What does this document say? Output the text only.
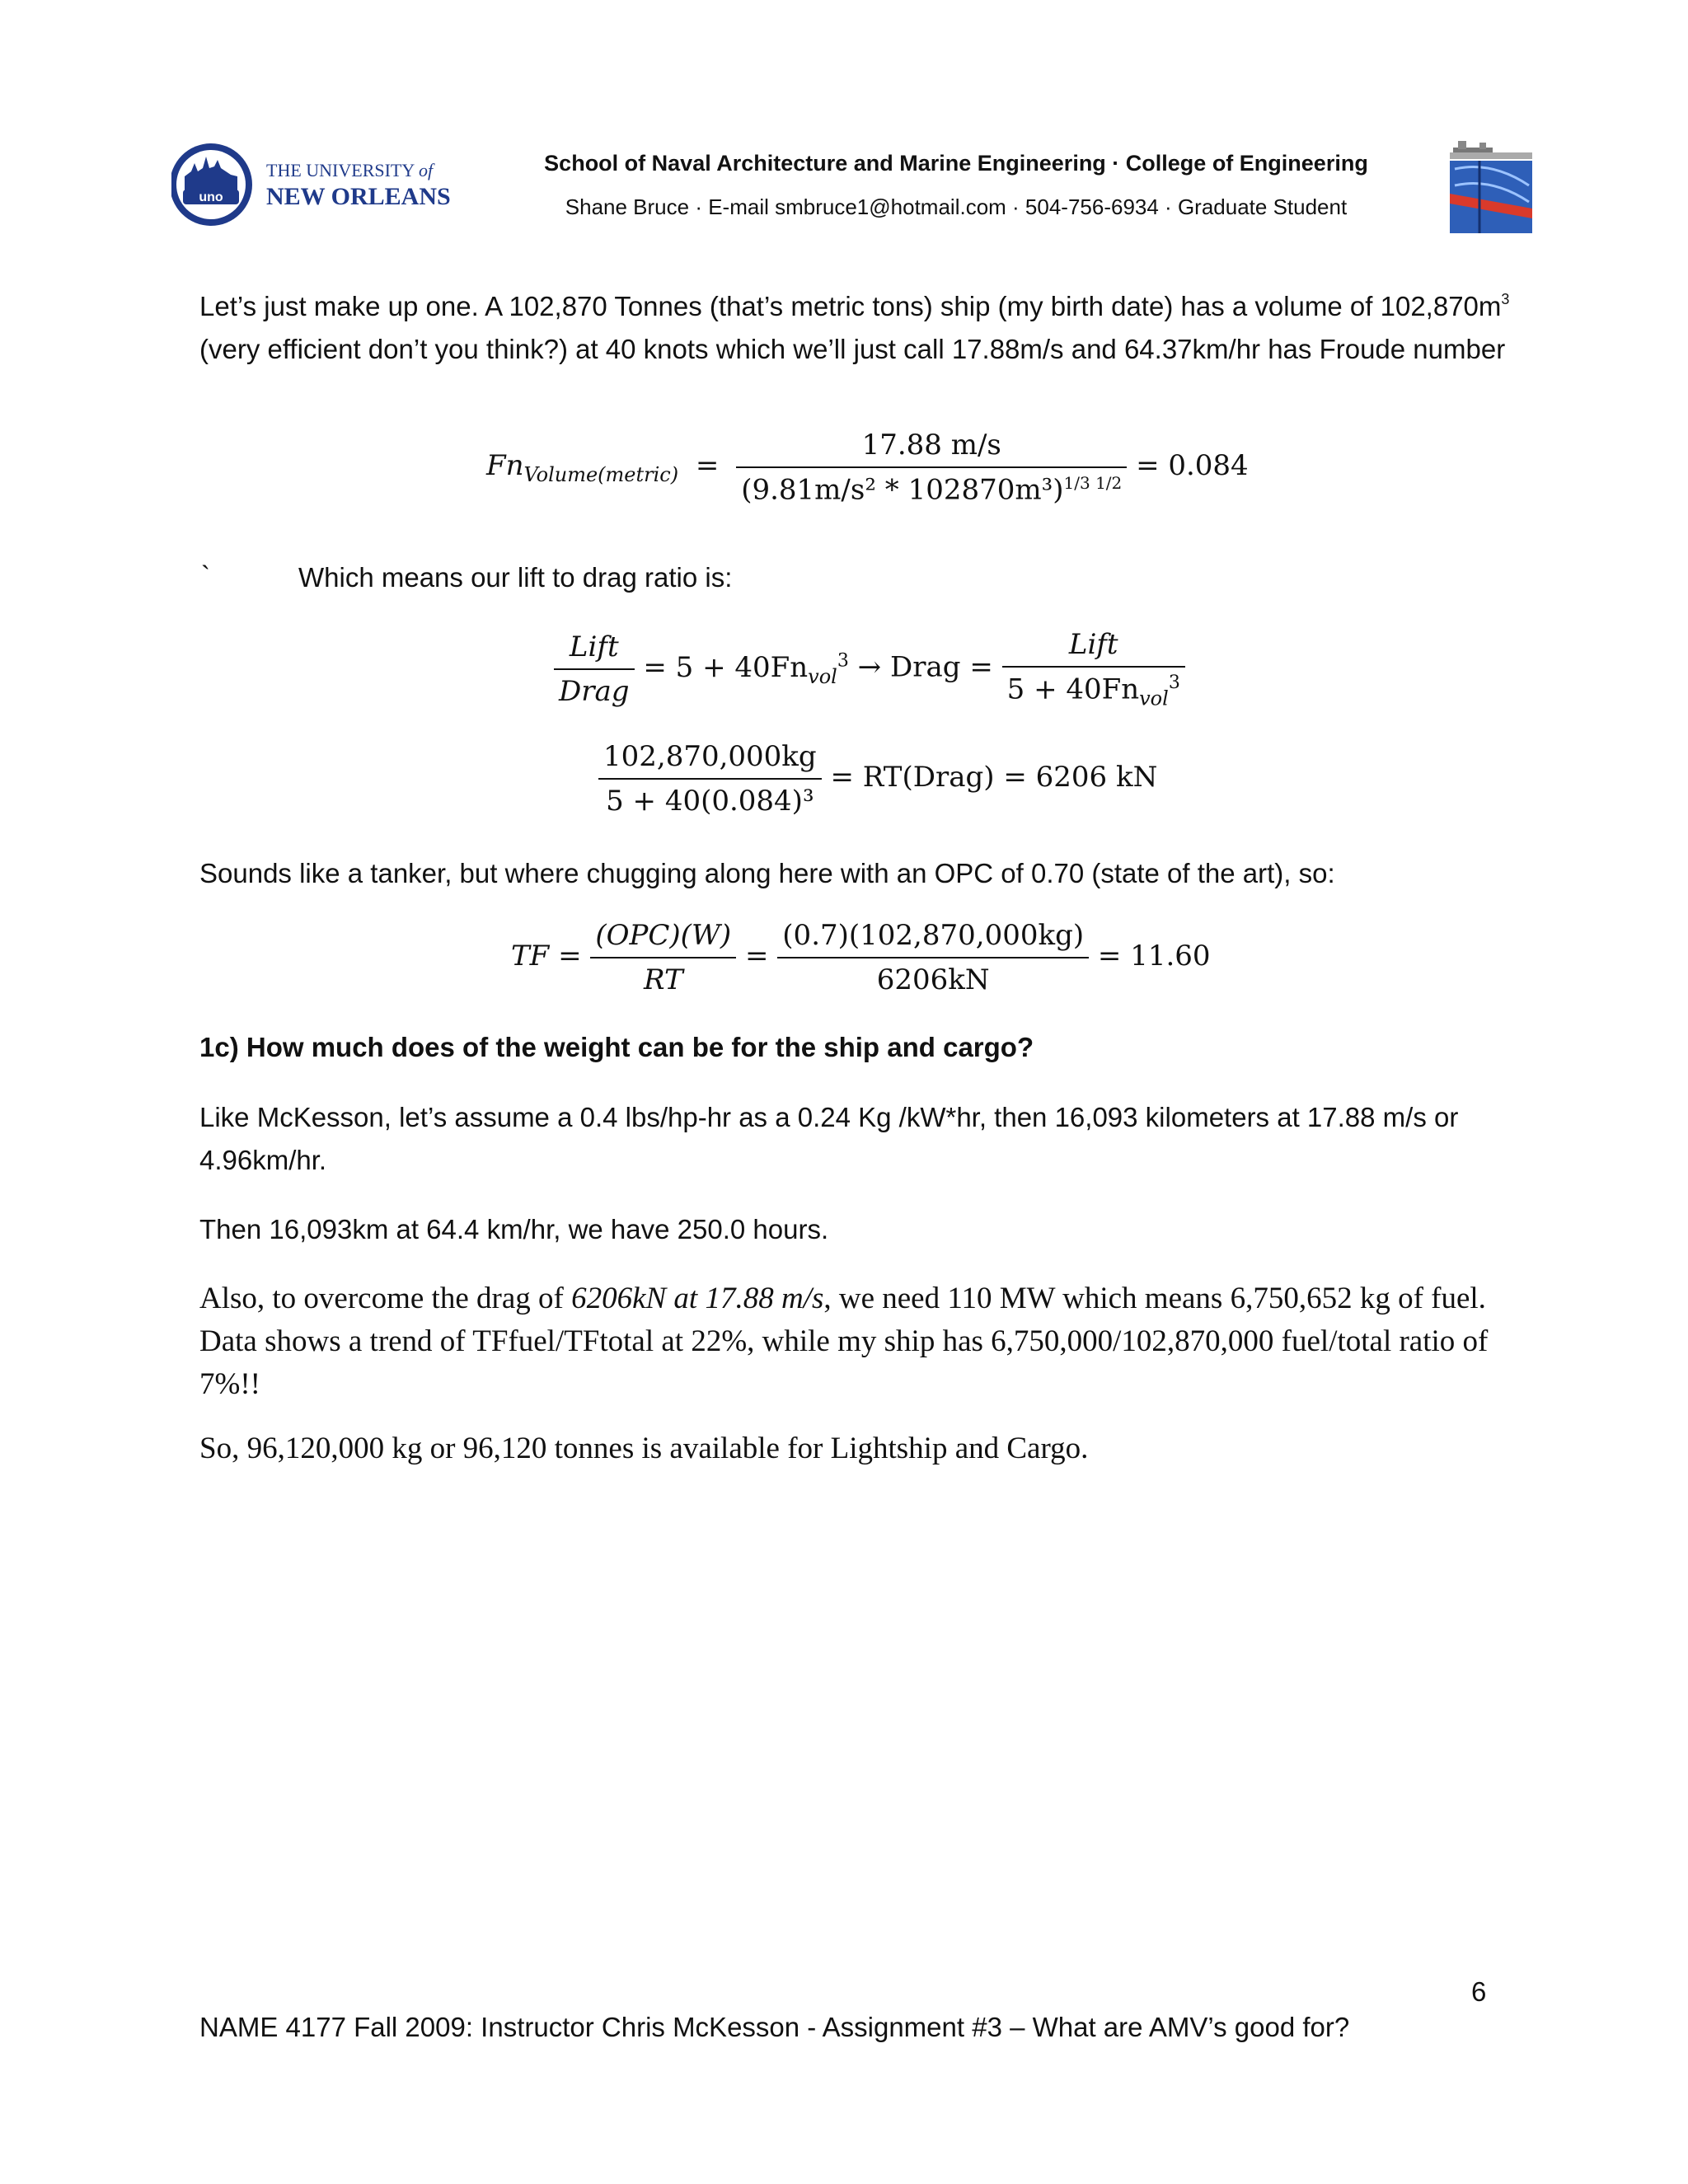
uno
THE UNIVERSITY of
NEW ORLEANS
School of Naval Architecture and Marine Engineering · College of Engineering
Shane Bruce · E-mail smbruce1@hotmail.com · 504-756-6934 · Graduate Student
Let’s just make up one. A 102,870 Tonnes (that’s metric tons) ship (my birth date) has a volume of $102,870m^3$ (very efficient don’t you think?) at 40 knots which we’ll just call 17.88m/s and 64.37km/hr has Froude number
$Fn_{Volume(metric)} = \frac{17.88 m/s}{(9.81m/s^2 * 102870m^3)^{1/3 1/2}} = 0.084$
`	Which means our lift to drag ratio is:
$\frac{\text{Lift}}{\text{Drag}} = 5 + 40Fn_{vol}^3$ → Drag = $\frac{\text{Lift}}{5 + 40Fn_{vol}^3}$
$\frac{102,870,000kg}{\text{5 + 40(0.084)³}}$ = RT(Drag) = 6206 kN
Sounds like a tanker, but where chugging along here with an OPC of 0.70 (state of the art), so:
TF = $\frac{\text{(OPC)(W)}}{RT} = \frac{(0.7)(102,870,000kg)}{6206kN} = 11.60$
1c) How much does of the weight can be for the ship and cargo?
Like McKesson, let’s assume a 0.4 lbs/hp-hr as a 0.24 Kg /kW*hr, then 16,093 kilometers at 17.88 m/s or 4.96km/hr.
Then 16,093km at 64.4 km/hr, we have 250.0 hours.
Also, to overcome the drag of 6206kN at 17.88 m/s, we need 110 MW which means 6,750,652 kg of fuel. Data shows a trend of TFfuel/TFtotal at 22%, while my ship has 6,750,000/102,870,000 fuel/total ratio of 7%!!
So, 96,120,000 kg or 96,120 tonnes is available for Lightship and Cargo.
6
NAME 4177 Fall 2009: Instructor Chris McKesson - Assignment #3 – What are AMV’s good for?
